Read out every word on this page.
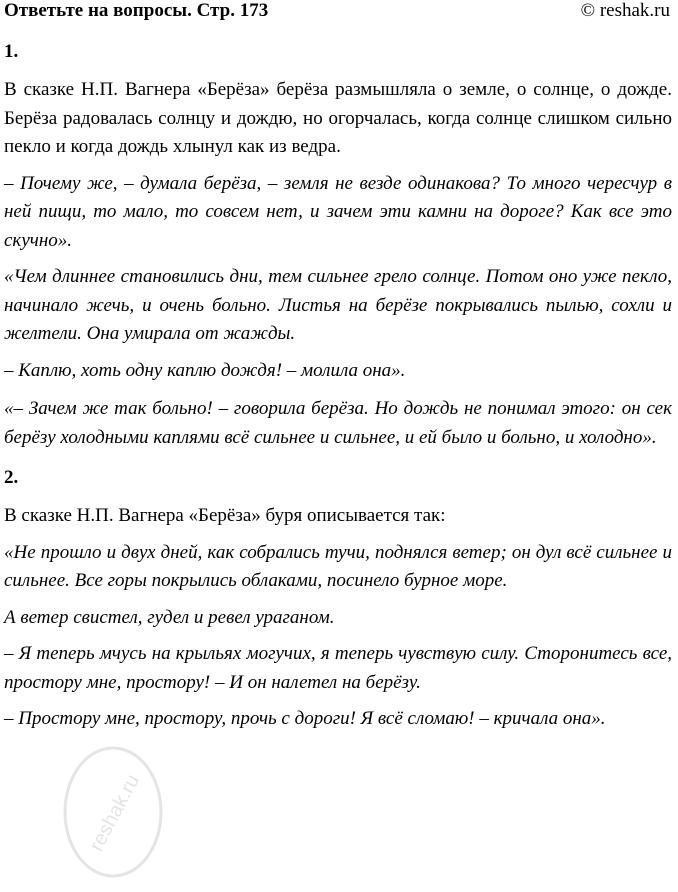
Ответьте на вопросы. Стр. 173	© reshak.ru
1.

В сказке Н.П. Вагнера «Берёза» берёза размышляла о земле, о солнце, о дожде. Берёза радовалась солнцу и дождю, но огорчалась, когда солнце слишком сильно пекло и когда дождь хлынул как из ведра.

– Почему же, – думала берёза, – земля не везде одинакова? То много чересчур в ней пищи, то мало, то совсем нет, и зачем эти камни на дороге? Как все это скучно».

«Чем длиннее становились дни, тем сильнее грело солнце. Потом оно уже пекло, начинало жечь, и очень больно. Листья на берёзе покрывались пылью, сохли и желтели. Она умирала от жажды.

– Каплю, хоть одну каплю дождя! – молила она».

«– Зачем же так больно! – говорила берёза. Но дождь не понимал этого: он сек берёзу холодными каплями всё сильнее и сильнее, и ей было и больно, и холодно».

2.

В сказке Н.П. Вагнера «Берёза» буря описывается так:

«Не прошло и двух дней, как собрались тучи, поднялся ветер; он дул всё сильнее и сильнее. Все горы покрылись облаками, посинело бурное море.

А ветер свистел, гудел и ревел ураганом.

– Я теперь мчусь на крыльях могучих, я теперь чувствую силу. Сторонитесь все, простору мне, простору! – И он налетел на берёзу.

– Простору мне, простору, прочь с дороги! Я всё сломаю! – кричала она».

reshak.ru
